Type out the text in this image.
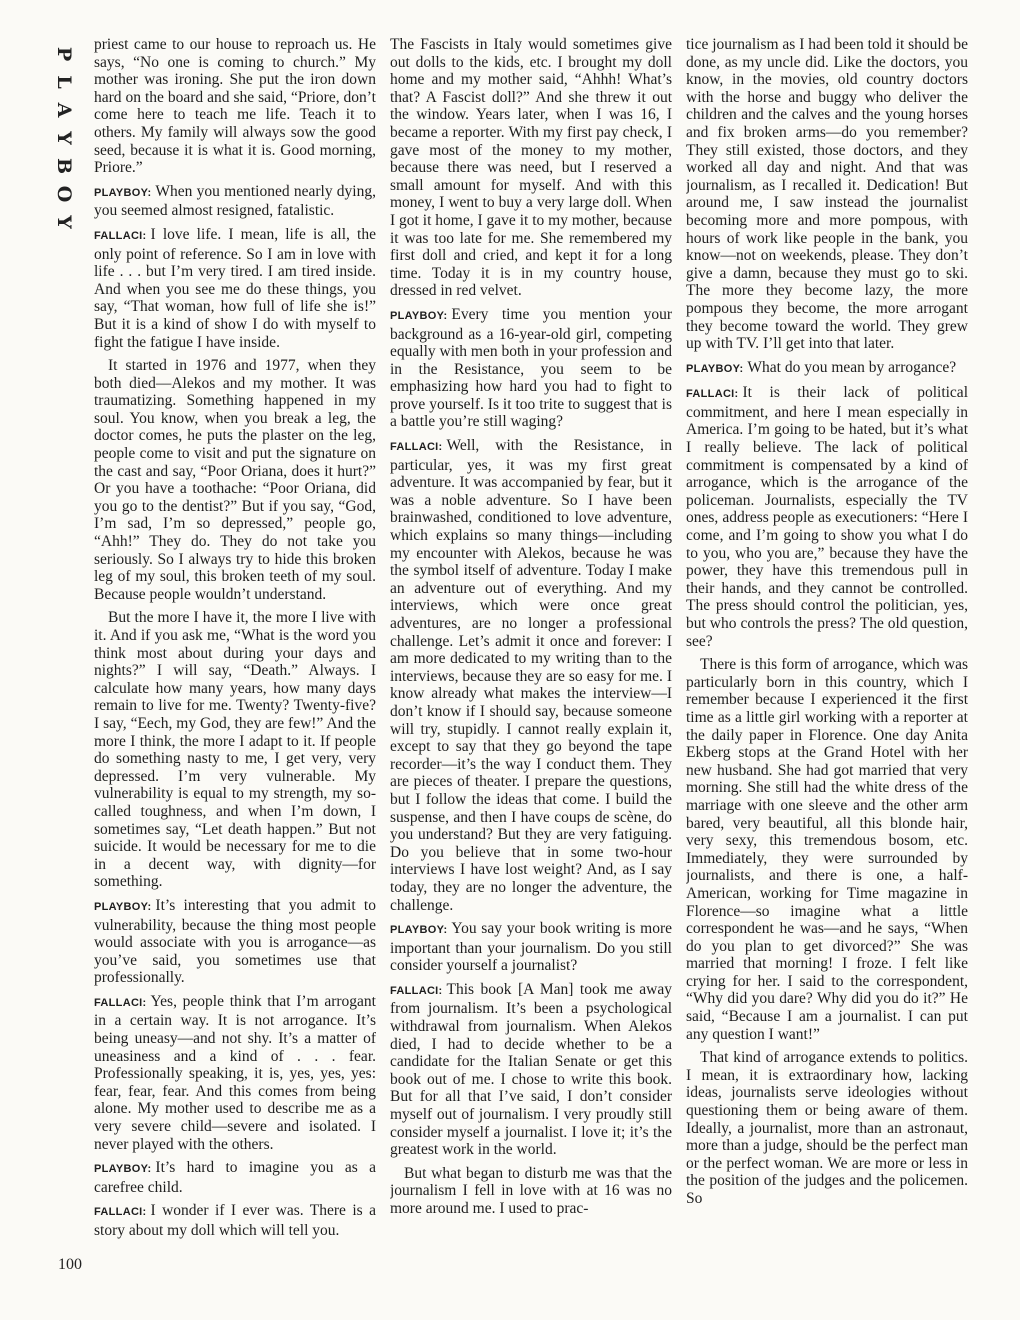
P
L
A
Y
B
O
Y

priest came to our house to reproach us. He says, “No one is coming to church.” My mother was ironing. She put the iron down hard on the board and she said, “Priore, don’t come here to teach me life. Teach it to others. My family will always sow the good seed, because it is what it is. Good morning, Priore.”

PLAYBOY: When you mentioned nearly dying, you seemed almost resigned, fatalistic.

FALLACI: I love life. I mean, life is all, the only point of reference. So I am in love with life . . . but I’m very tired. I am tired inside. And when you see me do these things, you say, “That woman, how full of life she is!” But it is a kind of show I do with myself to fight the fatigue I have inside.

It started in 1976 and 1977, when they both died—Alekos and my mother. It was traumatizing. Something happened in my soul. You know, when you break a leg, the doctor comes, he puts the plaster on the leg, people come to visit and put the signature on the cast and say, “Poor Oriana, does it hurt?” Or you have a toothache: “Poor Oriana, did you go to the dentist?” But if you say, “God, I’m sad, I’m so depressed,” people go, “Ahh!” They do. They do not take you seriously. So I always try to hide this broken leg of my soul, this broken teeth of my soul. Because people wouldn’t understand.

But the more I have it, the more I live with it. And if you ask me, “What is the word you think most about during your days and nights?” I will say, “Death.” Always. I calculate how many years, how many days remain to live for me. Twenty? Twenty-five? I say, “Eech, my God, they are few!” And the more I think, the more I adapt to it. If people do something nasty to me, I get very, very depressed. I’m very vulnerable. My vulnerability is equal to my strength, my so-called toughness, and when I’m down, I sometimes say, “Let death happen.” But not suicide. It would be necessary for me to die in a decent way, with dignity—for something.

PLAYBOY: It’s interesting that you admit to vulnerability, because the thing most people would associate with you is arrogance—as you’ve said, you sometimes use that professionally.

FALLACI: Yes, people think that I’m arrogant in a certain way. It is not arrogance. It’s being uneasy—and not shy. It’s a matter of uneasiness and a kind of . . . fear. Professionally speaking, it is, yes, yes, yes: fear, fear, fear. And this comes from being alone. My mother used to describe me as a very severe child—severe and isolated. I never played with the others.

PLAYBOY: It’s hard to imagine you as a carefree child.

FALLACI: I wonder if I ever was. There is a story about my doll which will tell you.

The Fascists in Italy would sometimes give out dolls to the kids, etc. I brought my doll home and my mother said, “Ahhh! What’s that? A Fascist doll?” And she threw it out the window. Years later, when I was 16, I became a reporter. With my first pay check, I gave most of the money to my mother, because there was need, but I reserved a small amount for myself. And with this money, I went to buy a very large doll. When I got it home, I gave it to my mother, because it was too late for me. She remembered my first doll and cried, and kept it for a long time. Today it is in my country house, dressed in red velvet.

PLAYBOY: Every time you mention your background as a 16-year-old girl, competing equally with men both in your profession and in the Resistance, you seem to be emphasizing how hard you had to fight to prove yourself. Is it too trite to suggest that is a battle you’re still waging?

FALLACI: Well, with the Resistance, in particular, yes, it was my first great adventure. It was accompanied by fear, but it was a noble adventure. So I have been brainwashed, conditioned to love adventure, which explains so many things—including my encounter with Alekos, because he was the symbol itself of adventure. Today I make an adventure out of everything. And my interviews, which were once great adventures, are no longer a professional challenge. Let’s admit it once and forever: I am more dedicated to my writing than to the interviews, because they are so easy for me. I know already what makes the interview—I don’t know if I should say, because someone will try, stupidly. I cannot really explain it, except to say that they go beyond the tape recorder—it’s the way I conduct them. They are pieces of theater. I prepare the questions, but I follow the ideas that come. I build the suspense, and then I have coups de scène, do you understand? But they are very fatiguing. Do you believe that in some two-hour interviews I have lost weight? And, as I say today, they are no longer the adventure, the challenge.

PLAYBOY: You say your book writing is more important than your journalism. Do you still consider yourself a journalist?

FALLACI: This book [A Man] took me away from journalism. It’s been a psychological withdrawal from journalism. When Alekos died, I had to decide whether to be a candidate for the Italian Senate or get this book out of me. I chose to write this book. But for all that I’ve said, I don’t consider myself out of journalism. I very proudly still consider myself a journalist. I love it; it’s the greatest work in the world.

But what began to disturb me was that the journalism I fell in love with at 16 was no more around me. I used to prac-

tice journalism as I had been told it should be done, as my uncle did. Like the doctors, you know, in the movies, old country doctors with the horse and buggy who deliver the children and the calves and the young horses and fix broken arms—do you remember? They still existed, those doctors, and they worked all day and night. And that was journalism, as I recalled it. Dedication! But around me, I saw instead the journalist becoming more and more pompous, with hours of work like people in the bank, you know—not on weekends, please. They don’t give a damn, because they must go to ski. The more they become lazy, the more pompous they become, the more arrogant they become toward the world. They grew up with TV. I’ll get into that later.

PLAYBOY: What do you mean by arrogance?

FALLACI: It is their lack of political commitment, and here I mean especially in America. I’m going to be hated, but it’s what I really believe. The lack of political commitment is compensated by a kind of arrogance, which is the arrogance of the policeman. Journalists, especially the TV ones, address people as executioners: “Here I come, and I’m going to show you what I do to you, who you are,” because they have the power, they have this tremendous pull in their hands, and they cannot be controlled. The press should control the politician, yes, but who controls the press? The old question, see?

There is this form of arrogance, which was particularly born in this country, which I remember because I experienced it the first time as a little girl working with a reporter at the daily paper in Florence. One day Anita Ekberg stops at the Grand Hotel with her new husband. She had got married that very morning. She still had the white dress of the marriage with one sleeve and the other arm bared, very beautiful, all this blonde hair, very sexy, this tremendous bosom, etc. Immediately, they were surrounded by journalists, and there is one, a half-American, working for Time magazine in Florence—so imagine what a little correspondent he was—and he says, “When do you plan to get divorced?” She was married that morning! I froze. I felt like crying for her. I said to the correspondent, “Why did you dare? Why did you do it?” He said, “Because I am a journalist. I can put any question I want!”

That kind of arrogance extends to politics. I mean, it is extraordinary how, lacking ideas, journalists serve ideologies without questioning them or being aware of them. Ideally, a journalist, more than an astronaut, more than a judge, should be the perfect man or the perfect woman. We are more or less in the position of the judges and the policemen. So

100
